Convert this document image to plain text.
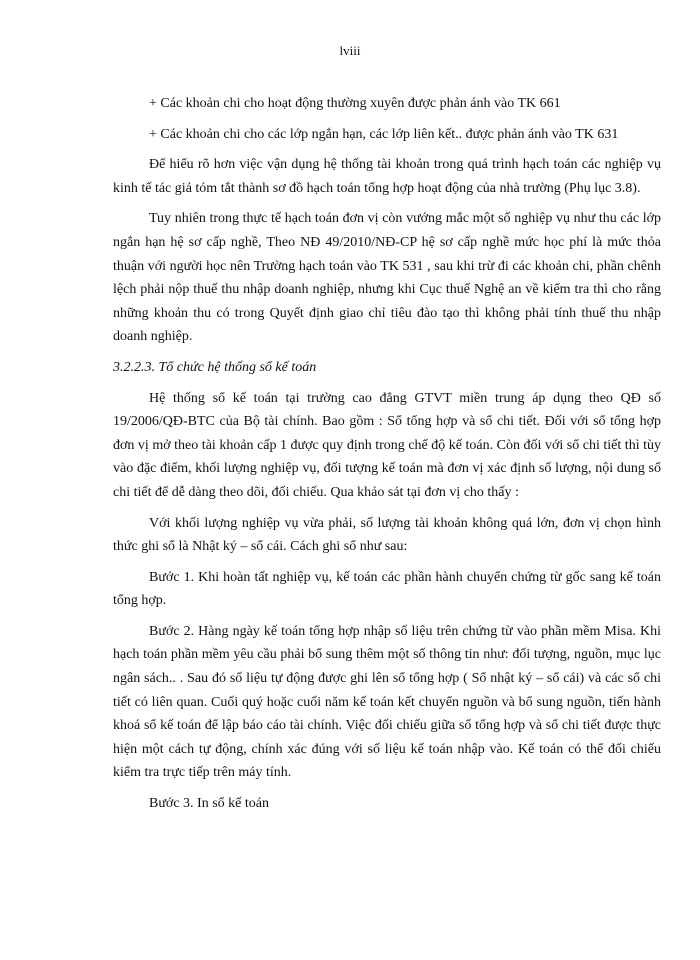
lviii

+ Các khoản chi cho hoạt động thường xuyên được phản ánh vào TK 661

+ Các khoản chi cho các lớp ngắn hạn, các lớp liên kết.. được phản ánh vào TK 631

Để hiểu rõ hơn việc vận dụng hệ thống tài khoản trong quá trình hạch toán các nghiệp vụ kinh tế tác giả tóm tắt thành sơ đồ hạch toán tổng hợp hoạt động của nhà trường (Phụ lục 3.8).

Tuy nhiên trong thực tế hạch toán đơn vị còn vướng mắc một số nghiệp vụ như thu các lớp ngắn hạn hệ sơ cấp nghề, Theo NĐ 49/2010/NĐ-CP hệ sơ cấp nghề mức học phí là mức thỏa thuận với người học nên Trường hạch toán vào TK 531 , sau khi trừ đi các khoản chi, phần chênh lệch phải nộp thuế thu nhập doanh nghiệp, nhưng khi Cục thuế Nghệ an về kiểm tra thì cho rằng những khoản thu có trong Quyết định giao chỉ tiêu đào tạo thì không phải tính thuế thu nhập doanh nghiệp.

3.2.2.3. Tổ chức hệ thống sổ kế toán

Hệ thống sổ kế toán tại trường cao đẳng GTVT miền trung áp dụng theo QĐ số 19/2006/QĐ-BTC của Bộ tài chính. Bao gồm : Sổ tổng hợp và sổ chi tiết. Đối với sổ tổng hợp đơn vị mở theo tài khoản cấp 1 được quy định trong chế độ kế toán. Còn đối với sổ chi tiết thì tùy vào đặc điểm, khối lượng nghiệp vụ, đối tượng kế toán mà đơn vị xác định số lượng, nội dung sổ chi tiết để dễ dàng theo dõi, đối chiếu. Qua khảo sát tại đơn vị cho thấy :

Với khối lượng nghiệp vụ vừa phải, số lượng tài khoản không quá lớn, đơn vị chọn hình thức ghi sổ là Nhật ký – sổ cái. Cách ghi sổ như sau:

Bước 1. Khi hoàn tất nghiệp vụ, kế toán các phần hành chuyển chứng từ gốc sang kế toán tổng hợp.

Bước 2. Hàng ngày kế toán tổng hợp nhập số liệu trên chứng từ vào phần mềm Misa. Khi hạch toán phần mềm yêu cầu phải bổ sung thêm một số thông tin như: đối tượng, nguồn, mục lục ngân sách.. . Sau đó số liệu tự động được ghi lên sổ tổng hợp ( Sổ nhật ký – sổ cái) và các sổ chi tiết có liên quan. Cuối quý hoặc cuối năm kế toán kết chuyển nguồn và bổ sung nguồn, tiến hành khoá sổ kế toán để lập báo cáo tài chính. Việc đối chiếu giữa sổ tổng hợp và sổ chi tiết được thực hiện một cách tự động, chính xác đúng với số liệu kế toán nhập vào. Kế toán có thể đối chiếu kiểm tra trực tiếp trên máy tính.

Bước 3. In sổ kế toán
